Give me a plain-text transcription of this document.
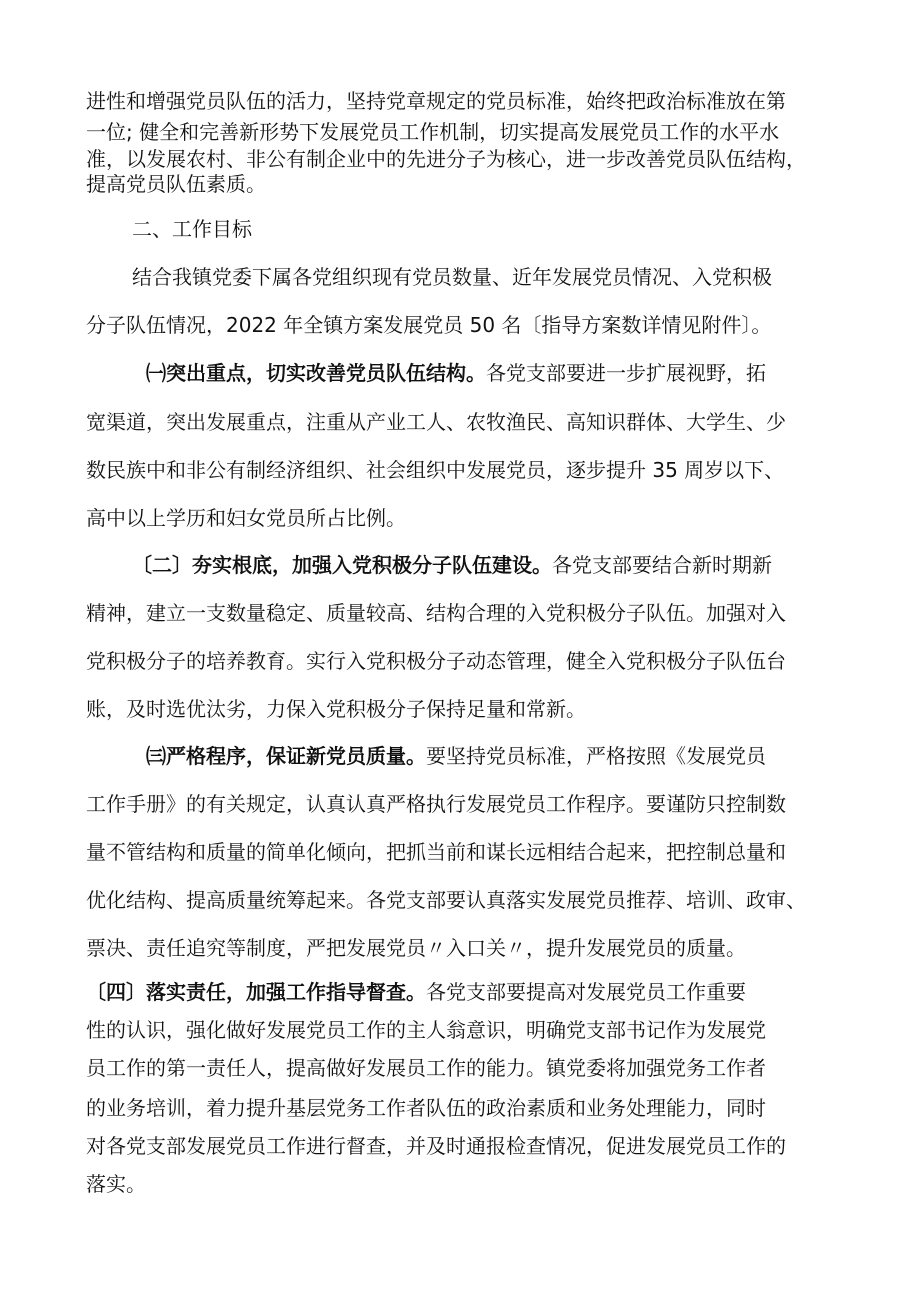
进性和增强党员队伍的活力，坚持党章规定的党员标准，始终把政治标准放在第
一位; 健全和完善新形势下发展党员工作机制，切实提高发展党员工作的水平水
准，以发展农村、非公有制企业中的先进分子为核心，进一步改善党员队伍结构，
提高党员队伍素质。
二、工作目标
结合我镇党委下属各党组织现有党员数量、近年发展党员情况、入党积极
分子队伍情况，2022 年全镇方案发展党员 50 名〔指导方案数详情见附件〕。
㈠突出重点，切实改善党员队伍结构。各党支部要进一步扩展视野，拓
宽渠道，突出发展重点，注重从产业工人、农牧渔民、高知识群体、大学生、少
数民族中和非公有制经济组织、社会组织中发展党员，逐步提升 35 周岁以下、
高中以上学历和妇女党员所占比例。
〔二〕夯实根底，加强入党积极分子队伍建设。各党支部要结合新时期新
精神，建立一支数量稳定、质量较高、结构合理的入党积极分子队伍。加强对入
党积极分子的培养教育。实行入党积极分子动态管理，健全入党积极分子队伍台
账，及时选优汰劣，力保入党积极分子保持足量和常新。
㈢严格程序，保证新党员质量。要坚持党员标准，严格按照《发展党员
工作手册》的有关规定，认真认真严格执行发展党员工作程序。要谨防只控制数
量不管结构和质量的简单化倾向，把抓当前和谋长远相结合起来，把控制总量和
优化结构、提高质量统筹起来。各党支部要认真落实发展党员推荐、培训、政审、
票决、责任追究等制度，严把发展党员〃入口关〃，提升发展党员的质量。
〔四〕落实责任，加强工作指导督查。各党支部要提高对发展党员工作重要
性的认识，强化做好发展党员工作的主人翁意识，明确党支部书记作为发展党
员工作的第一责任人，提高做好发展员工作的能力。镇党委将加强党务工作者
的业务培训，着力提升基层党务工作者队伍的政治素质和业务处理能力，同时
对各党支部发展党员工作进行督查，并及时通报检查情况，促进发展党员工作的
落实。
